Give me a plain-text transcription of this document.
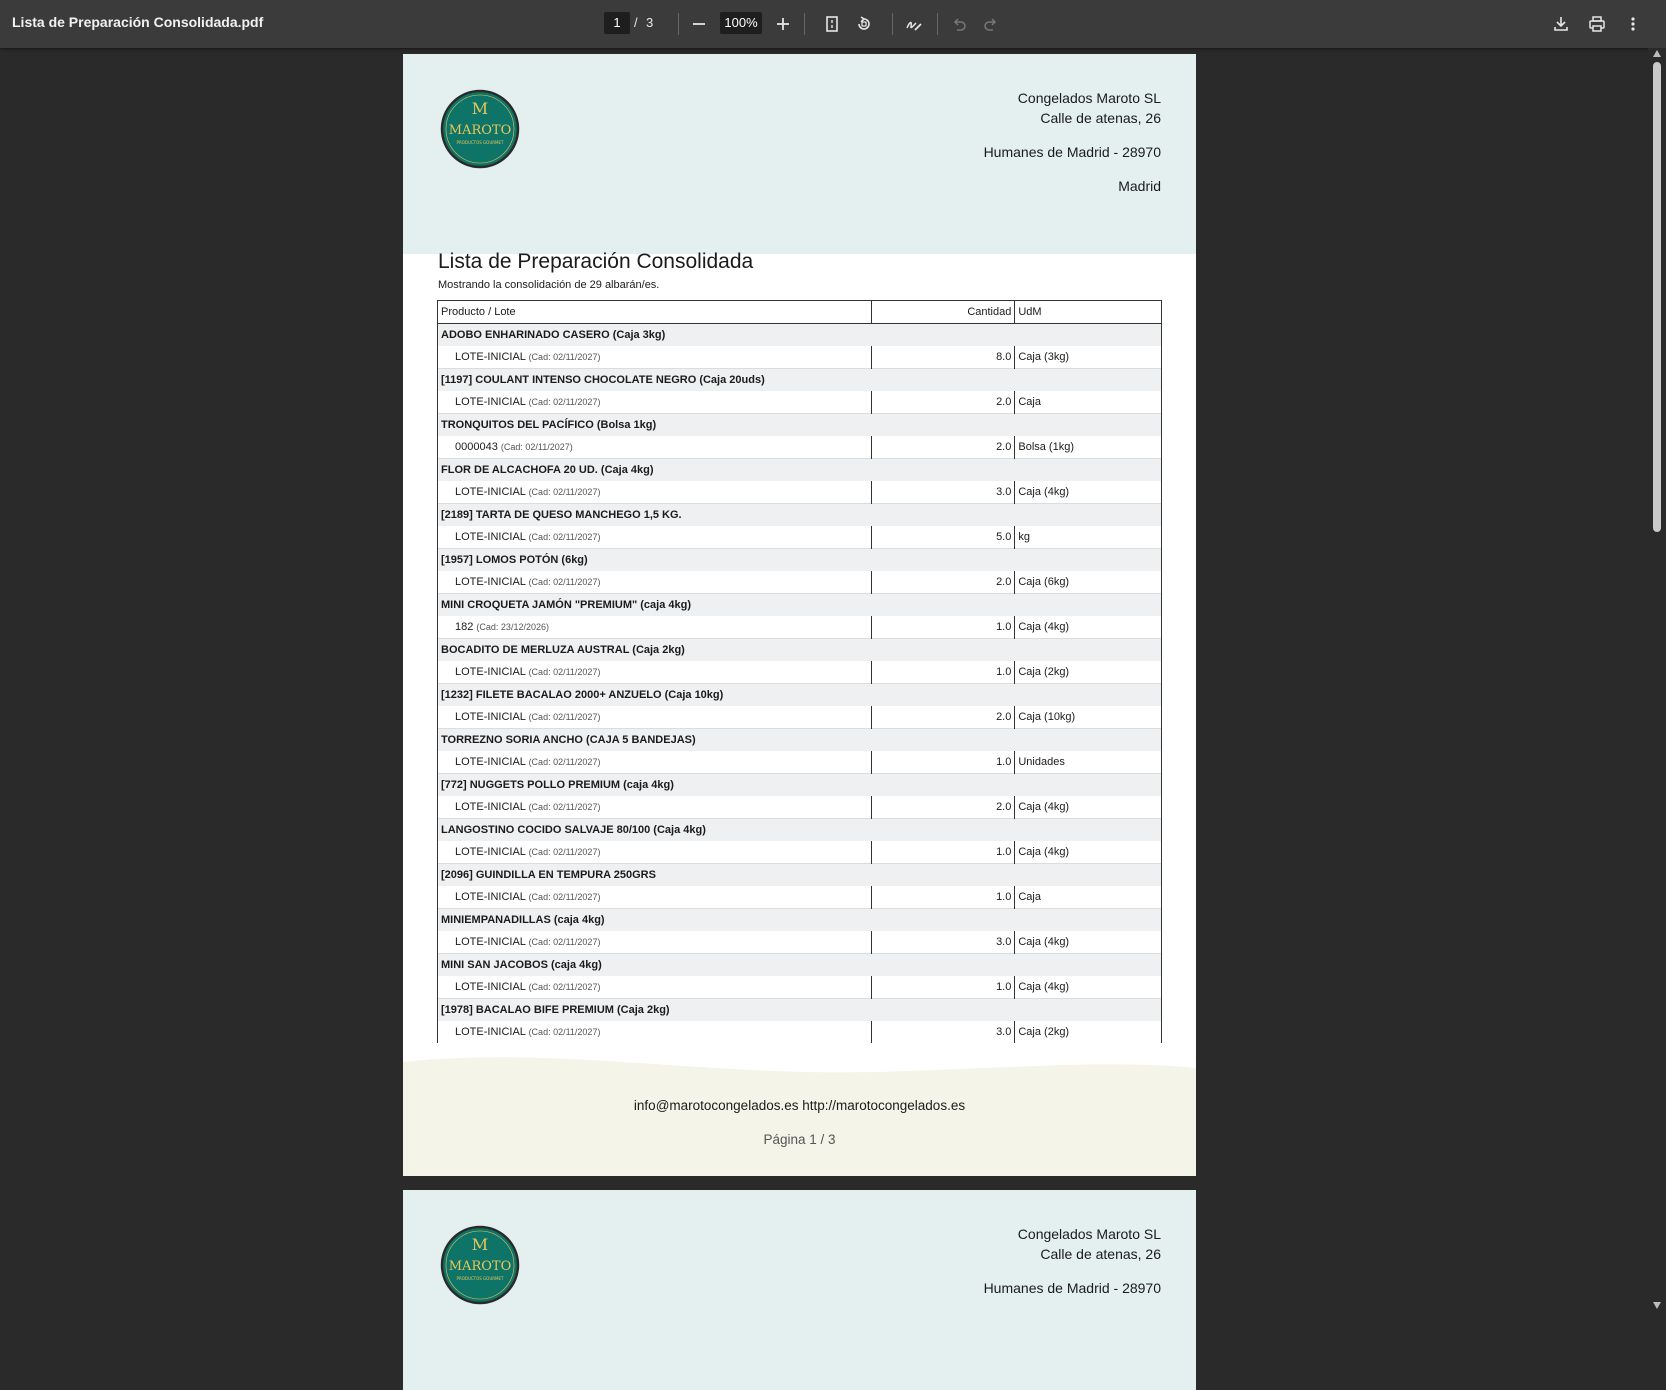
Lista de Preparación Consolidada.pdf	1	/ 3	100%
M
MAROTO
PRODUCTOS GOURMET
Congelados Maroto SL
Calle de atenas, 26
Humanes de Madrid - 28970
Madrid
Lista de Preparación Consolidada
Mostrando la consolidación de 29 albarán/es.
Producto / Lote	Cantidad	UdM
ADOBO ENHARINADO CASERO (Caja 3kg)		
LOTE-INICIAL (Cad: 02/11/2027)	8.0	Caja (3kg)
[1197] COULANT INTENSO CHOCOLATE NEGRO (Caja 20uds)		
LOTE-INICIAL (Cad: 02/11/2027)	2.0	Caja
TRONQUITOS DEL PACÍFICO (Bolsa 1kg)		
0000043 (Cad: 02/11/2027)	2.0	Bolsa (1kg)
FLOR DE ALCACHOFA 20 UD. (Caja 4kg)		
LOTE-INICIAL (Cad: 02/11/2027)	3.0	Caja (4kg)
[2189] TARTA DE QUESO MANCHEGO 1,5 KG.		
LOTE-INICIAL (Cad: 02/11/2027)	5.0	kg
[1957] LOMOS POTÓN (6kg)		
LOTE-INICIAL (Cad: 02/11/2027)	2.0	Caja (6kg)
MINI CROQUETA JAMÓN "PREMIUM" (caja 4kg)		
182 (Cad: 23/12/2026)	1.0	Caja (4kg)
BOCADITO DE MERLUZA AUSTRAL (Caja 2kg)		
LOTE-INICIAL (Cad: 02/11/2027)	1.0	Caja (2kg)
[1232] FILETE BACALAO 2000+ ANZUELO (Caja 10kg)		
LOTE-INICIAL (Cad: 02/11/2027)	2.0	Caja (10kg)
TORREZNO SORIA ANCHO (CAJA 5 BANDEJAS)		
LOTE-INICIAL (Cad: 02/11/2027)	1.0	Unidades
[772] NUGGETS POLLO PREMIUM (caja 4kg)		
LOTE-INICIAL (Cad: 02/11/2027)	2.0	Caja (4kg)
LANGOSTINO COCIDO SALVAJE 80/100 (Caja 4kg)		
LOTE-INICIAL (Cad: 02/11/2027)	1.0	Caja (4kg)
[2096] GUINDILLA EN TEMPURA 250GRS		
LOTE-INICIAL (Cad: 02/11/2027)	1.0	Caja
MINIEMPANADILLAS (caja 4kg)		
LOTE-INICIAL (Cad: 02/11/2027)	3.0	Caja (4kg)
MINI SAN JACOBOS (caja 4kg)		
LOTE-INICIAL (Cad: 02/11/2027)	1.0	Caja (4kg)
[1978] BACALAO BIFE PREMIUM (Caja 2kg)		
LOTE-INICIAL (Cad: 02/11/2027)	3.0	Caja (2kg)
info@marotocongelados.es http://marotocongelados.es
Página 1 / 3
M
MAROTO
PRODUCTOS GOURMET
Congelados Maroto SL
Calle de atenas, 26
Humanes de Madrid - 28970
